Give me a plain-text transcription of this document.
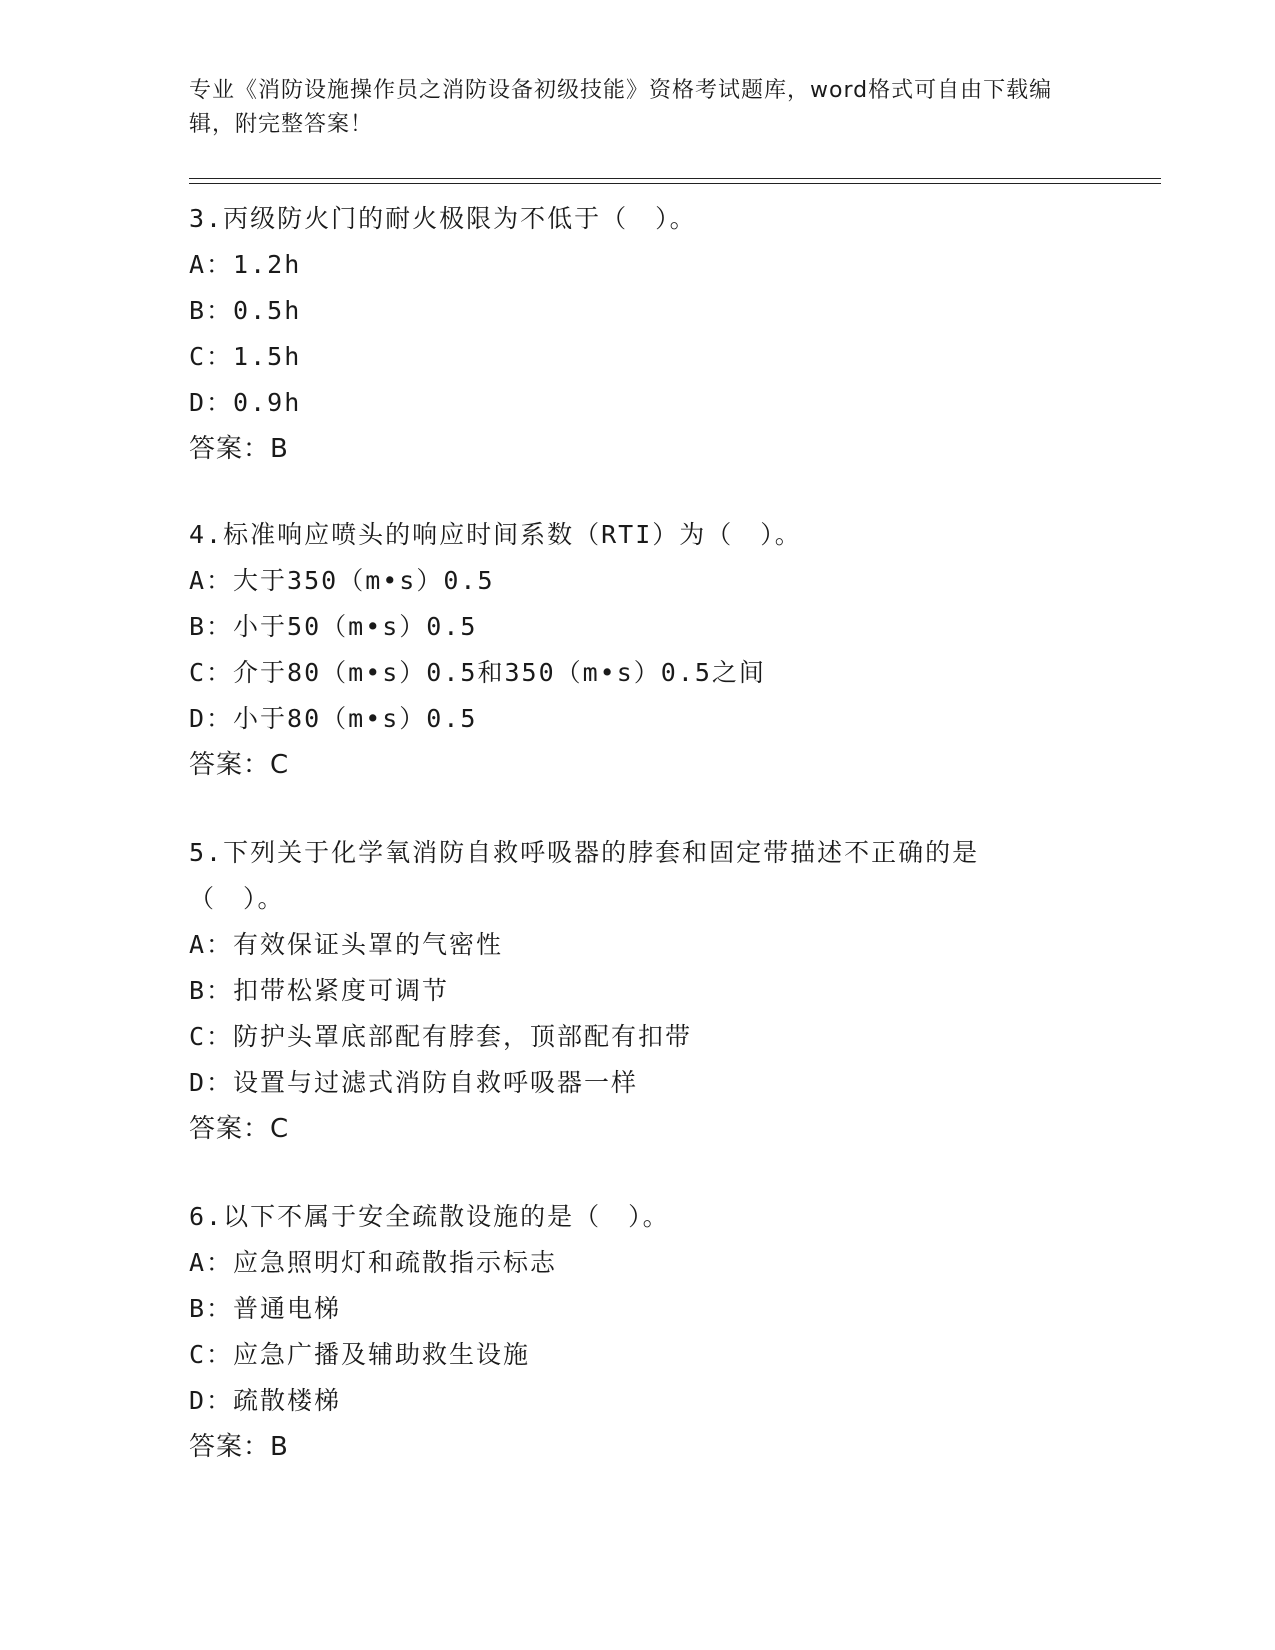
专业《消防设施操作员之消防设备初级技能》资格考试题库，word格式可自由下载编辑，附完整答案！
3.丙级防火门的耐火极限为不低于（　）。
A：1.2h
B：0.5h
C：1.5h
D：0.9h
答案：B
4.标准响应喷头的响应时间系数（RTI）为（　）。
A：大于350（m•s）0.5
B：小于50（m•s）0.5
C：介于80（m•s）0.5和350（m•s）0.5之间
D：小于80（m•s）0.5
答案：C
5.下列关于化学氧消防自救呼吸器的脖套和固定带描述不正确的是（　）。
A：有效保证头罩的气密性
B：扣带松紧度可调节
C：防护头罩底部配有脖套，顶部配有扣带
D：设置与过滤式消防自救呼吸器一样
答案：C
6.以下不属于安全疏散设施的是（　）。
A：应急照明灯和疏散指示标志
B：普通电梯
C：应急广播及辅助救生设施
D：疏散楼梯
答案：B
